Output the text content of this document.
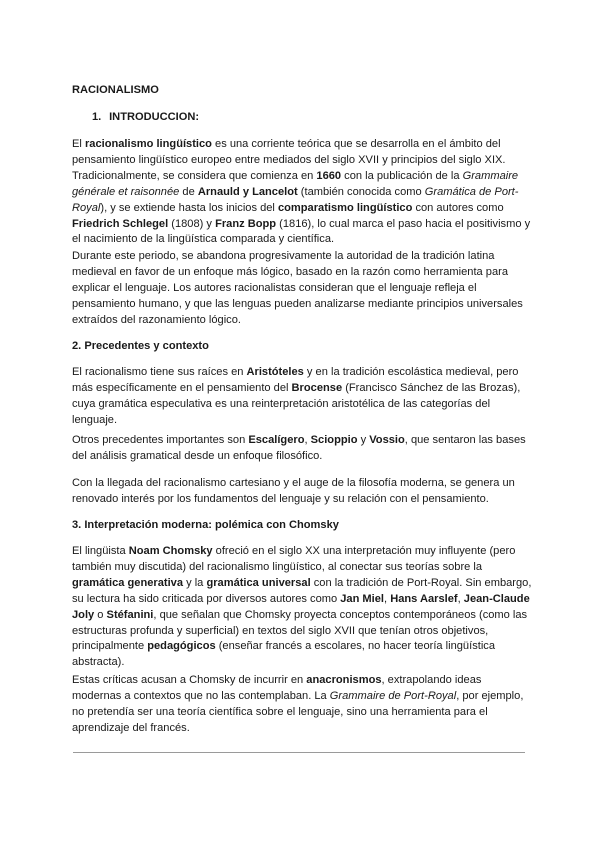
RACIONALISMO
1. INTRODUCCION:

El racionalismo lingüístico es una corriente teórica que se desarrolla en el ámbito del pensamiento lingüístico europeo entre mediados del siglo XVII y principios del siglo XIX. Tradicionalmente, se considera que comienza en 1660 con la publicación de la Grammaire générale et raisonnée de Arnauld y Lancelot (también conocida como Gramática de Port-Royal), y se extiende hasta los inicios del comparatismo lingüístico con autores como Friedrich Schlegel (1808) y Franz Bopp (1816), lo cual marca el paso hacia el positivismo y el nacimiento de la lingüística comparada y científica.

Durante este periodo, se abandona progresivamente la autoridad de la tradición latina medieval en favor de un enfoque más lógico, basado en la razón como herramienta para explicar el lenguaje. Los autores racionalistas consideran que el lenguaje refleja el pensamiento humano, y que las lenguas pueden analizarse mediante principios universales extraídos del razonamiento lógico.

2. Precedentes y contexto

El racionalismo tiene sus raíces en Aristóteles y en la tradición escolástica medieval, pero más específicamente en el pensamiento del Brocense (Francisco Sánchez de las Brozas), cuya gramática especulativa es una reinterpretación aristotélica de las categorías del lenguaje.

Otros precedentes importantes son Escalígero, Scioppio y Vossio, que sentaron las bases del análisis gramatical desde un enfoque filosófico.

Con la llegada del racionalismo cartesiano y el auge de la filosofía moderna, se genera un renovado interés por los fundamentos del lenguaje y su relación con el pensamiento.

3. Interpretación moderna: polémica con Chomsky

El lingüista Noam Chomsky ofreció en el siglo XX una interpretación muy influyente (pero también muy discutida) del racionalismo lingüístico, al conectar sus teorías sobre la gramática generativa y la gramática universal con la tradición de Port-Royal. Sin embargo, su lectura ha sido criticada por diversos autores como Jan Miel, Hans Aarslef, Jean-Claude Joly o Stéfanini, que señalan que Chomsky proyecta conceptos contemporáneos (como las estructuras profunda y superficial) en textos del siglo XVII que tenían otros objetivos, principalmente pedagógicos (enseñar francés a escolares, no hacer teoría lingüística abstracta).

Estas críticas acusan a Chomsky de incurrir en anacronismos, extrapolando ideas modernas a contextos que no las contemplaban. La Grammaire de Port-Royal, por ejemplo, no pretendía ser una teoría científica sobre el lenguaje, sino una herramienta para el aprendizaje del francés.
